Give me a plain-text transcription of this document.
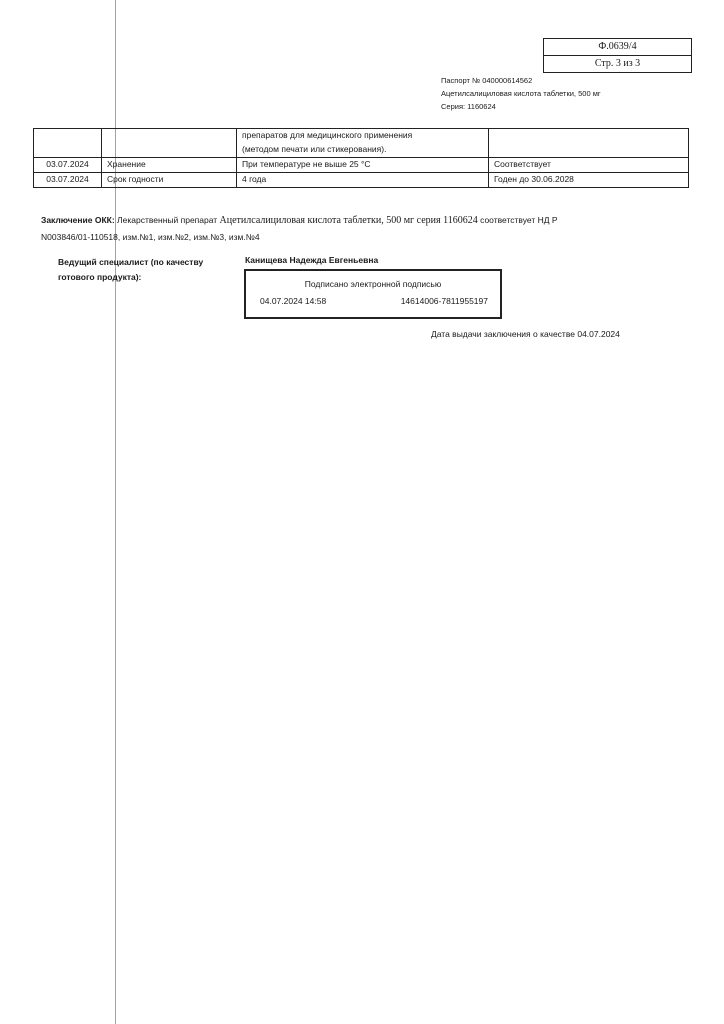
Ф.0639/4
Стр. 3 из 3
Паспорт № 040000614562
Ацетилсалициловая кислота таблетки, 500 мг
Серия: 1160624
		препаратов для медицинского применения	
		(методом печати или стикерования).	
03.07.2024	Хранение	При температуре не выше 25 °С	Соответствует
03.07.2024	Срок годности	4 года	Годен до 30.06.2028
Заключение ОКК: Лекарственный препарат Ацетилсалициловая кислота таблетки, 500 мг серия 1160624 соответствует НД Р N003846/01-110518, изм.№1, изм.№2, изм.№3, изм.№4
Ведущий специалист (по качеству готового продукта):
Канищева Надежда Евгеньевна
Подписано электронной подписью
04.07.2024 14:58	14614006-7811955197
Дата выдачи заключения о качестве 04.07.2024
